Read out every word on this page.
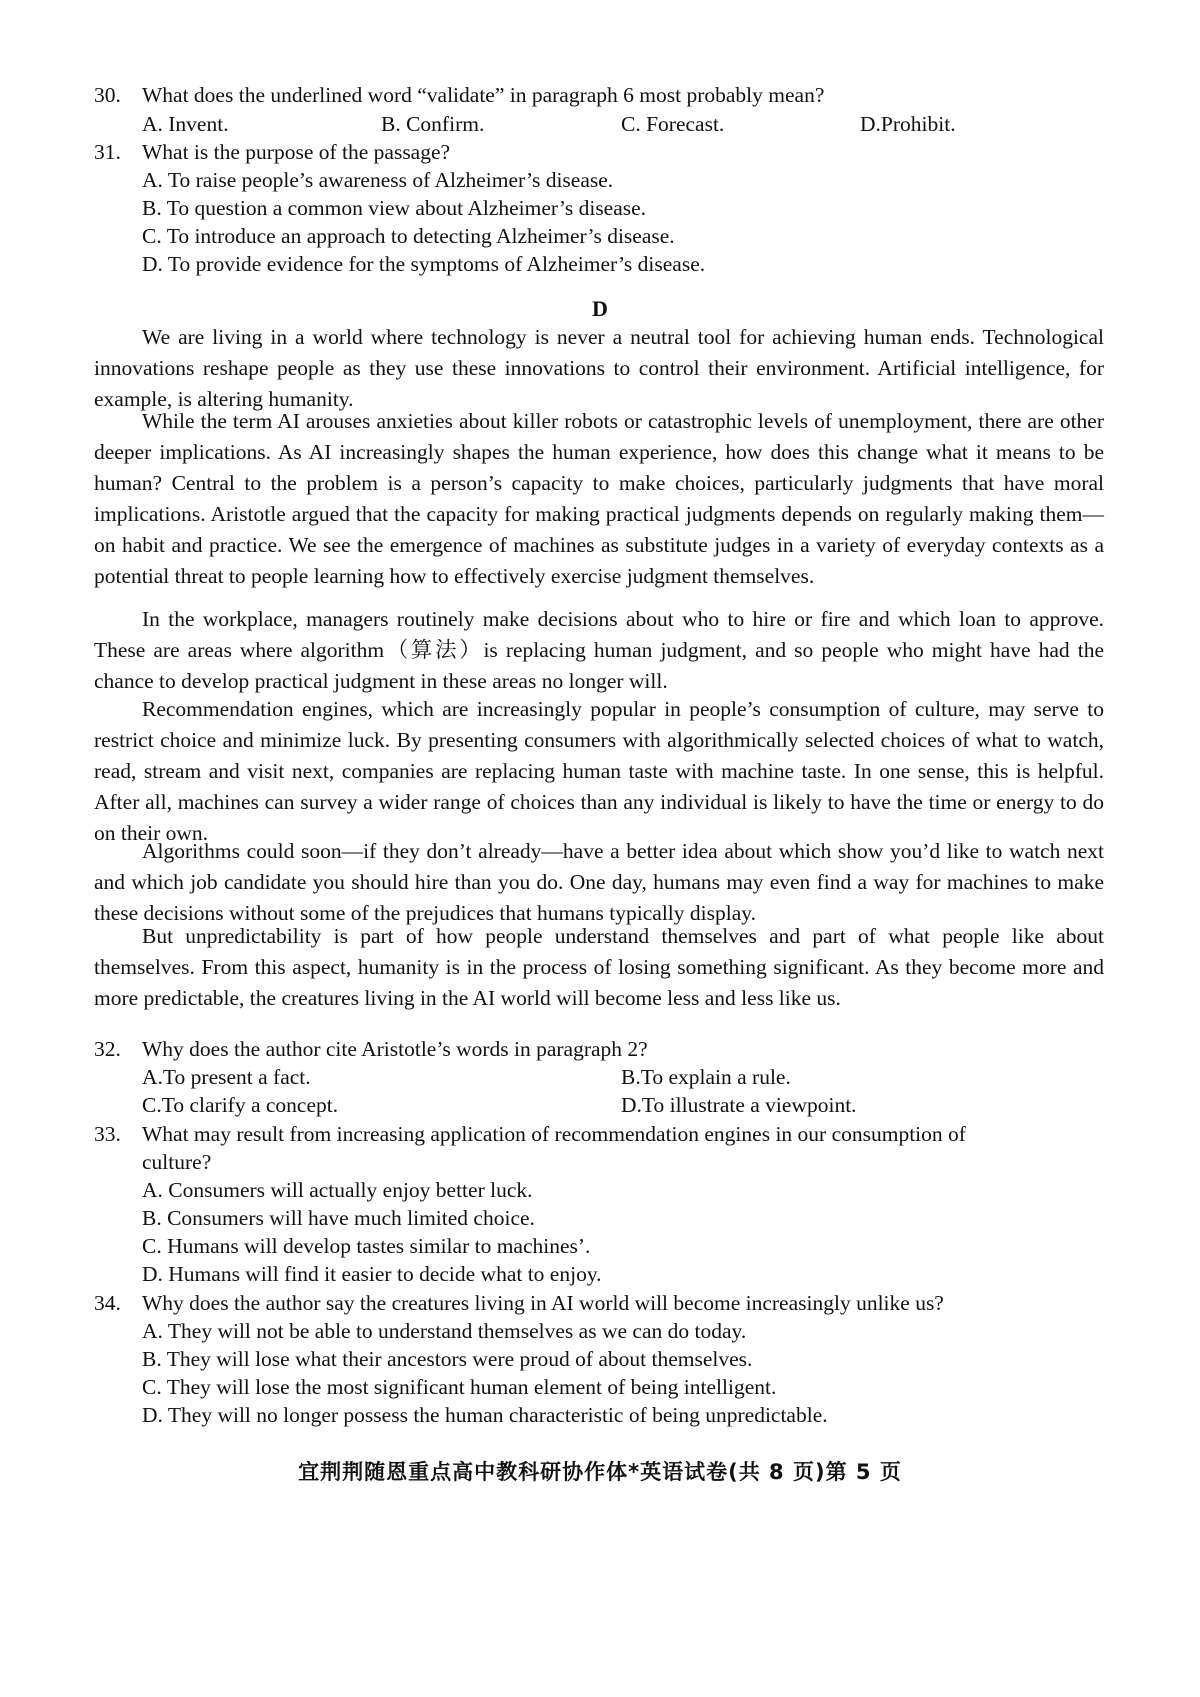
30. What does the underlined word “validate” in paragraph 6 most probably mean?
A. Invent.	B. Confirm.	C. Forecast.	D.Prohibit.
31. What is the purpose of the passage?
A. To raise people’s awareness of Alzheimer’s disease.
B. To question a common view about Alzheimer’s disease.
C. To introduce an approach to detecting Alzheimer’s disease.
D. To provide evidence for the symptoms of Alzheimer’s disease.
D

We are living in a world where technology is never a neutral tool for achieving human ends. Technological innovations reshape people as they use these innovations to control their environment. Artificial intelligence, for example, is altering humanity.

While the term AI arouses anxieties about killer robots or catastrophic levels of unemployment, there are other deeper implications. As AI increasingly shapes the human experience, how does this change what it means to be human? Central to the problem is a person’s capacity to make choices, particularly judgments that have moral implications. Aristotle argued that the capacity for making practical judgments depends on regularly making them—on habit and practice. We see the emergence of machines as substitute judges in a variety of everyday contexts as a potential threat to people learning how to effectively exercise judgment themselves.

In the workplace, managers routinely make decisions about who to hire or fire and which loan to approve. These are areas where algorithm（算法）is replacing human judgment, and so people who might have had the chance to develop practical judgment in these areas no longer will.

Recommendation engines, which are increasingly popular in people’s consumption of culture, may serve to restrict choice and minimize luck. By presenting consumers with algorithmically selected choices of what to watch, read, stream and visit next, companies are replacing human taste with machine taste. In one sense, this is helpful. After all, machines can survey a wider range of choices than any individual is likely to have the time or energy to do on their own.

Algorithms could soon—if they don’t already—have a better idea about which show you’d like to watch next and which job candidate you should hire than you do. One day, humans may even find a way for machines to make these decisions without some of the prejudices that humans typically display.

But unpredictability is part of how people understand themselves and part of what people like about themselves. From this aspect, humanity is in the process of losing something significant. As they become more and more predictable, the creatures living in the AI world will become less and less like us.

32. Why does the author cite Aristotle’s words in paragraph 2?
A.To present a fact.	B.To explain a rule.
C.To clarify a concept.	D.To illustrate a viewpoint.
33. What may result from increasing application of recommendation engines in our consumption of
culture?
A. Consumers will actually enjoy better luck.
B. Consumers will have much limited choice.
C. Humans will develop tastes similar to machines’.
D. Humans will find it easier to decide what to enjoy.
34. Why does the author say the creatures living in AI world will become increasingly unlike us?
A. They will not be able to understand themselves as we can do today.
B. They will lose what their ancestors were proud of about themselves.
C. They will lose the most significant human element of being intelligent.
D. They will no longer possess the human characteristic of being unpredictable.
宜荆荆随恩重点高中教科研协作体*英语试卷(共 8 页)第 5 页
